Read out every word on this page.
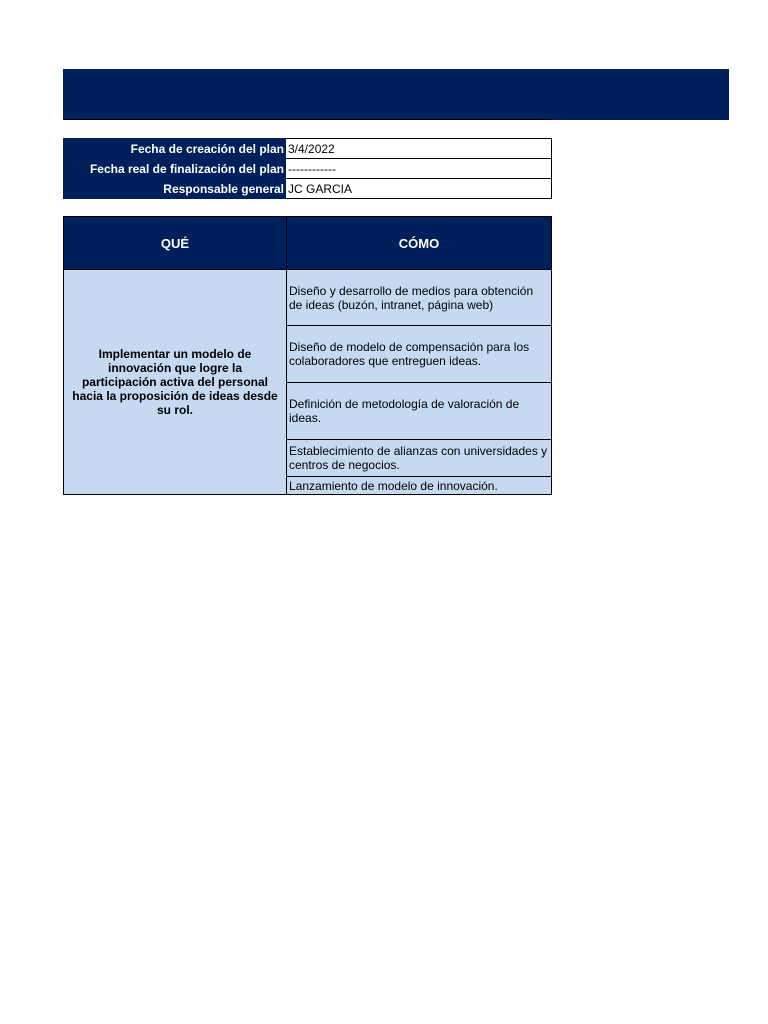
Fecha de creación del plan	3/4/2022
Fecha real de finalización del plan	------------
Responsable general	JC GARCIA
QUÉ	CÓMO
Implementar un modelo de innovación que logre la participación activa del personal hacia la proposición de ideas desde su rol.	Diseño y desarrollo de medios para obtención de ideas (buzón, intranet, página web)
	Diseño de modelo de compensación para los colaboradores que entreguen ideas.
	Definición de metodología de valoración de ideas.
	Establecimiento de alianzas con universidades y centros de negocios.
	Lanzamiento de modelo de innovación.
